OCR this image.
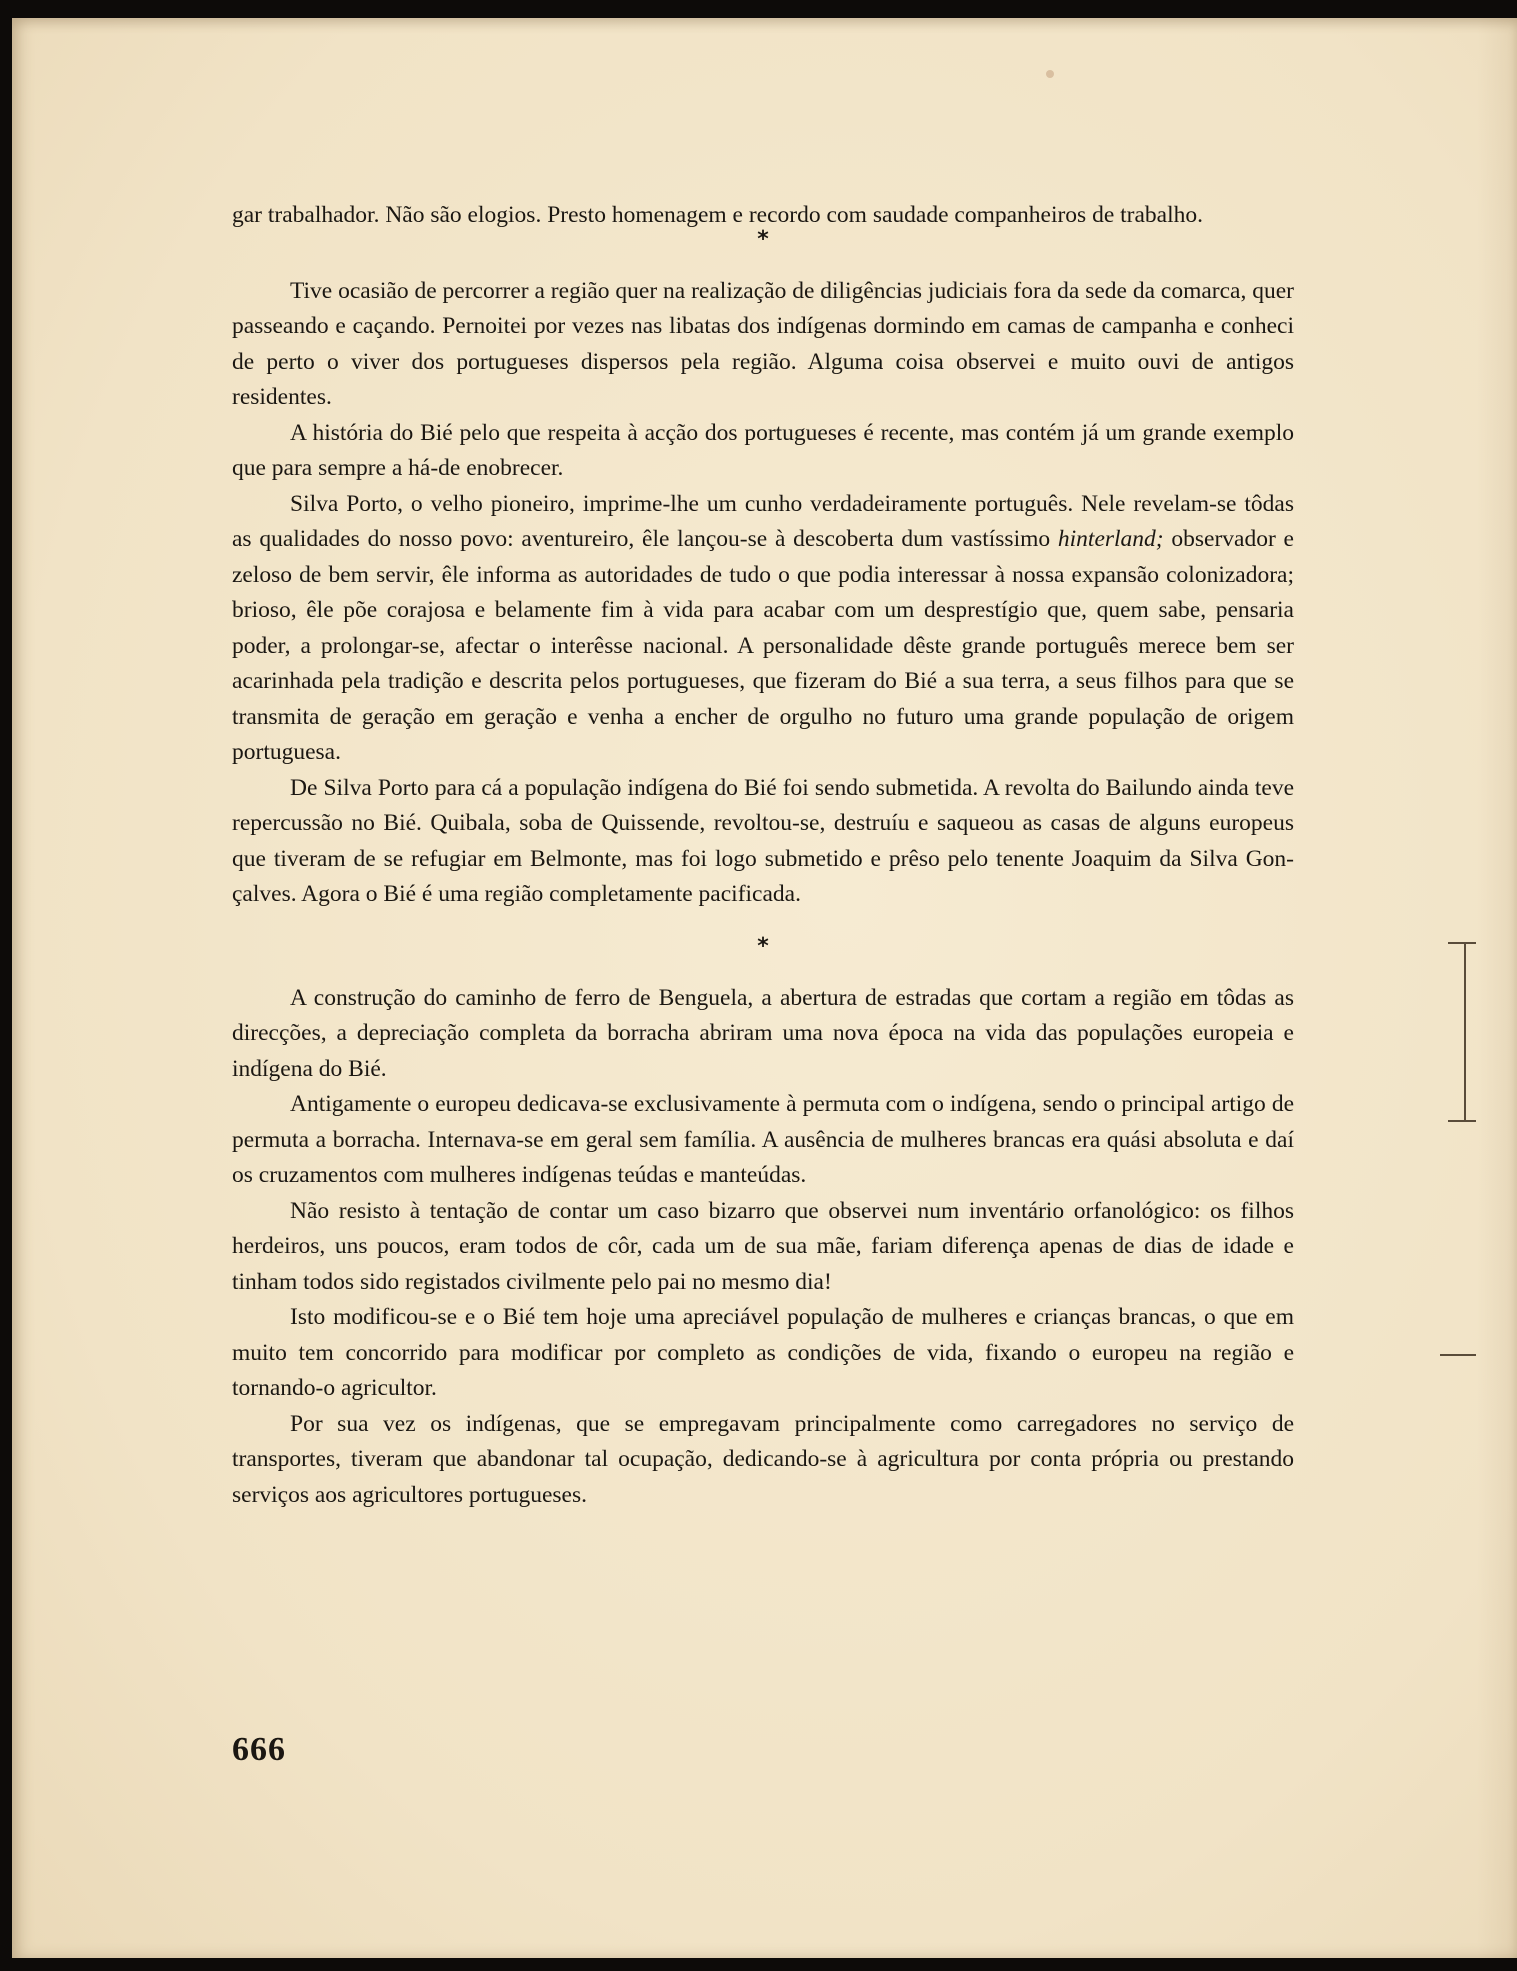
gar trabalhador. Não são elogios. Presto homenagem e recordo com saudade companheiros de trabalho.

*

Tive ocasião de percorrer a região quer na realização de diligências judiciais fora da sede da comarca, quer passeando e caçando. Pernoitei por vezes nas libatas dos indígenas dormindo em camas de campanha e conheci de perto o viver dos portugueses dispersos pela região. Alguma coisa observei e muito ouvi de antigos residentes.

A história do Bié pelo que respeita à acção dos portugueses é recente, mas contém já um grande exemplo que para sempre a há-de enobrecer.

Silva Porto, o velho pioneiro, imprime-lhe um cunho verdadeiramente português. Nele revelam-se tôdas as qualidades do nosso povo: aventureiro, êle lançou-se à descoberta dum vastíssimo hinterland; observador e zeloso de bem servir, êle informa as autoridades de tudo o que podia interessar à nossa expansão colonizadora; brioso, êle põe corajosa e belamente fim à vida para acabar com um desprestígio que, quem sabe, pensaria poder, a prolongar-se, afectar o interêsse nacional. A personalidade dêste grande português merece bem ser acarinhada pela tradição e descrita pelos portugueses, que fizeram do Bié a sua terra, a seus filhos para que se transmita de geração em geração e venha a encher de orgulho no futuro uma grande população de origem portuguesa.

De Silva Porto para cá a população indígena do Bié foi sendo submetida. A revolta do Bailundo ainda teve repercussão no Bié. Quibala, soba de Quissende, revoltou-se, destruíu e saqueou as casas de alguns europeus que tiveram de se refugiar em Belmonte, mas foi logo submetido e prêso pelo tenente Joaquim da Silva Gonçalves. Agora o Bié é uma região completamente pacificada.

*

A construção do caminho de ferro de Benguela, a abertura de estradas que cortam a região em tôdas as direcções, a depreciação completa da borracha abriram uma nova época na vida das populações europeia e indígena do Bié.

Antigamente o europeu dedicava-se exclusivamente à permuta com o indígena, sendo o principal artigo de permuta a borracha. Internava-se em geral sem família. A ausência de mulheres brancas era quási absoluta e daí os cruzamentos com mulheres indígenas teúdas e manteúdas.

Não resisto à tentação de contar um caso bizarro que observei num inventário orfanológico: os filhos herdeiros, uns poucos, eram todos de côr, cada um de sua mãe, fariam diferença apenas de dias de idade e tinham todos sido registados civilmente pelo pai no mesmo dia!

Isto modificou-se e o Bié tem hoje uma apreciável população de mulheres e crianças brancas, o que em muito tem concorrido para modificar por completo as condições de vida, fixando o europeu na região e tornando-o agricultor.

Por sua vez os indígenas, que se empregavam principalmente como carregadores no serviço de transportes, tiveram que abandonar tal ocupação, dedicando-se à agricultura por conta própria ou prestando serviços aos agricultores portugueses.

666
